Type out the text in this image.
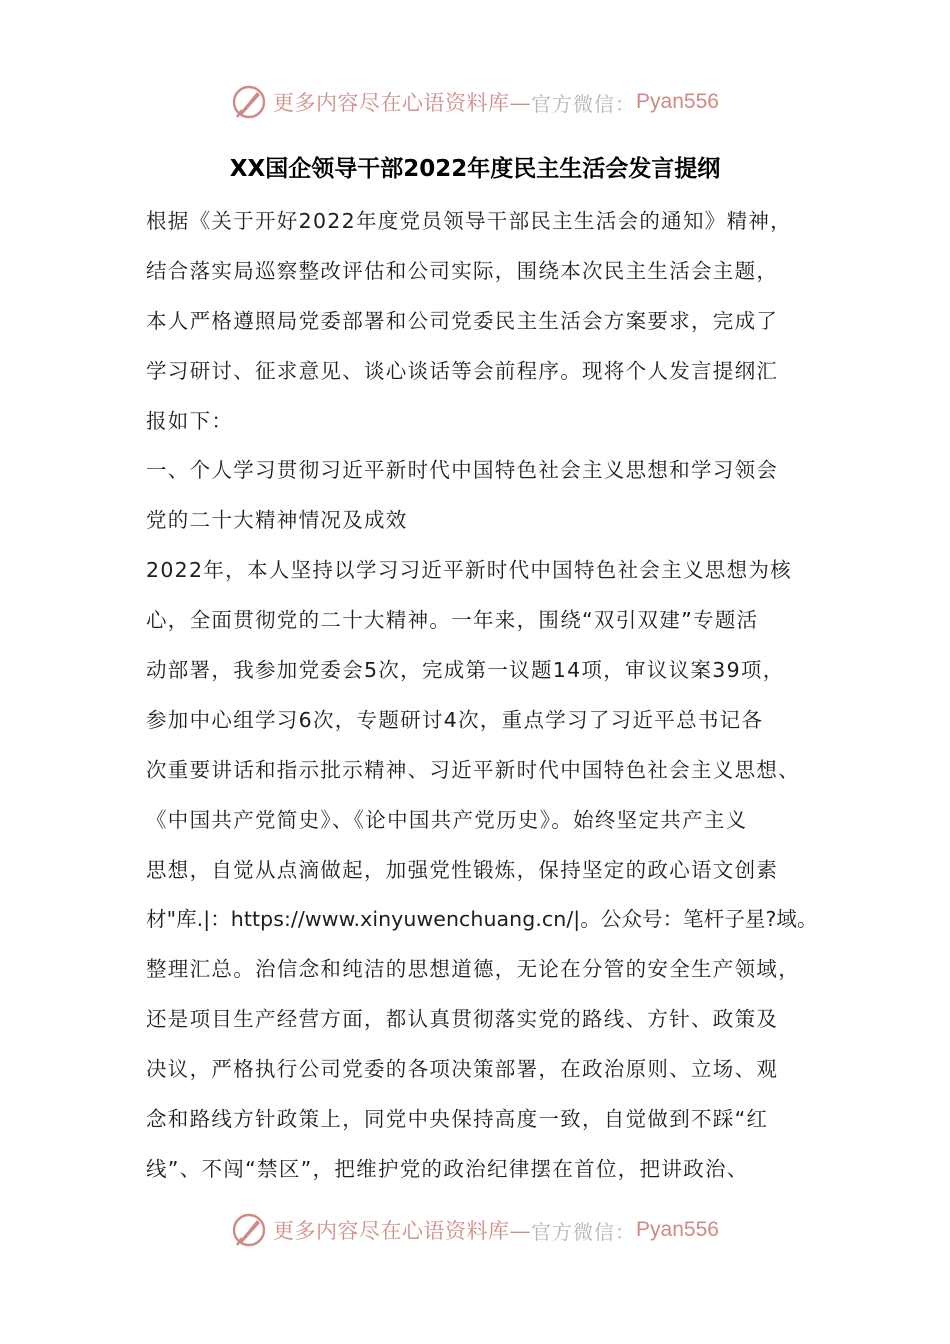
更多内容尽在心语资料库— 官方微信： Pyan556
XX国企领导干部2022年度民主生活会发言提纲
根据《关于开好2022年度党员领导干部民主生活会的通知》精神，
结合落实局巡察整改评估和公司实际，围绕本次民主生活会主题，
本人严格遵照局党委部署和公司党委民主生活会方案要求，完成了
学习研讨、征求意见、谈心谈话等会前程序。现将个人发言提纲汇
报如下：
一、个人学习贯彻习近平新时代中国特色社会主义思想和学习领会
党的二十大精神情况及成效
2022年，本人坚持以学习习近平新时代中国特色社会主义思想为核
心，全面贯彻党的二十大精神。一年来，围绕“双引双建”专题活
动部署，我参加党委会5次，完成第一议题14项，审议议案39项，
参加中心组学习6次，专题研讨4次，重点学习了习近平总书记各
次重要讲话和指示批示精神、习近平新时代中国特色社会主义思想、
《中国共产党简史》、《论中国共产党历史》。始终坚定共产主义
思想，自觉从点滴做起，加强党性锻炼，保持坚定的政心语文创素
材"库.|：https://www.xinyuwenchuang.cn/|。公众号：笔杆子星?域。
整理汇总。治信念和纯洁的思想道德，无论在分管的安全生产领域，
还是项目生产经营方面，都认真贯彻落实党的路线、方针、政策及
决议，严格执行公司党委的各项决策部署，在政治原则、立场、观
念和路线方针政策上，同党中央保持高度一致，自觉做到不踩“红
线”、不闯“禁区”，把维护党的政治纪律摆在首位，把讲政治、
更多内容尽在心语资料库— 官方微信： Pyan556
